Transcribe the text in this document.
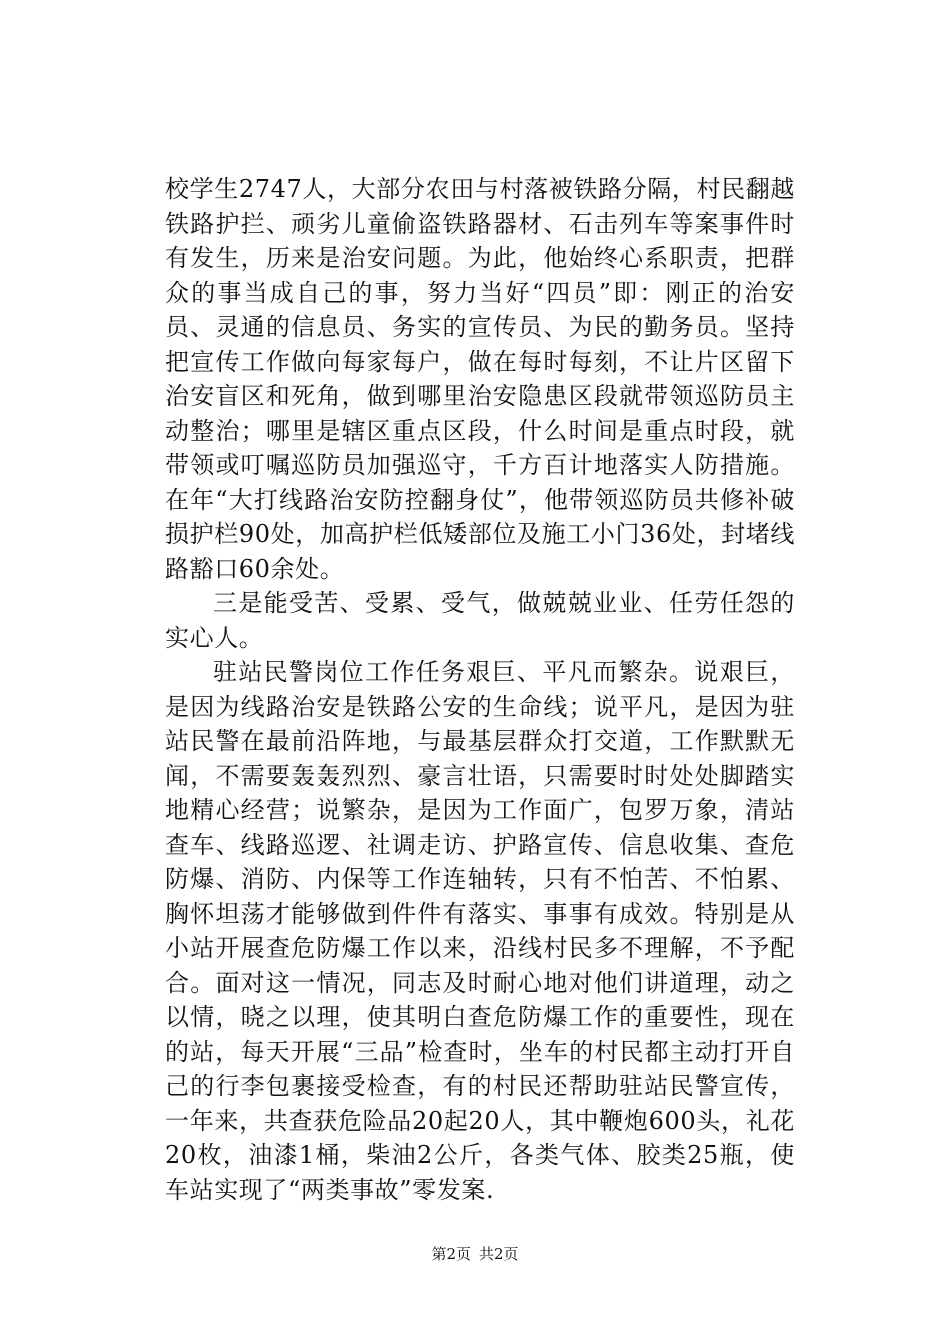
校学生2747人，大部分农田与村落被铁路分隔，村民翻越铁路护拦、顽劣儿童偷盗铁路器材、石击列车等案事件时有发生，历来是治安问题。为此，他始终心系职责，把群众的事当成自己的事，努力当好“四员”即：刚正的治安员、灵通的信息员、务实的宣传员、为民的勤务员。坚持把宣传工作做向每家每户，做在每时每刻，不让片区留下治安盲区和死角，做到哪里治安隐患区段就带领巡防员主动整治；哪里是辖区重点区段，什么时间是重点时段，就带领或叮嘱巡防员加强巡守，千方百计地落实人防措施。在年“大打线路治安防控翻身仗”，他带领巡防员共修补破损护栏90处，加高护栏低矮部位及施工小门36处，封堵线路豁口60余处。

三是能受苦、受累、受气，做兢兢业业、任劳任怨的实心人。

驻站民警岗位工作任务艰巨、平凡而繁杂。说艰巨，是因为线路治安是铁路公安的生命线；说平凡，是因为驻站民警在最前沿阵地，与最基层群众打交道，工作默默无闻，不需要轰轰烈烈、豪言壮语，只需要时时处处脚踏实地精心经营；说繁杂，是因为工作面广，包罗万象，清站查车、线路巡逻、社调走访、护路宣传、信息收集、查危防爆、消防、内保等工作连轴转，只有不怕苦、不怕累、胸怀坦荡才能够做到件件有落实、事事有成效。特别是从小站开展查危防爆工作以来，沿线村民多不理解，不予配合。面对这一情况，同志及时耐心地对他们讲道理，动之以情，晓之以理，使其明白查危防爆工作的重要性，现在的站，每天开展“三品”检查时，坐车的村民都主动打开自己的行李包裹接受检查，有的村民还帮助驻站民警宣传，一年来，共查获危险品20起20人，其中鞭炮600头，礼花20枚，油漆1桶，柴油2公斤，各类气体、胶类25瓶，使车站实现了“两类事故”零发案.

第2页 共2页
